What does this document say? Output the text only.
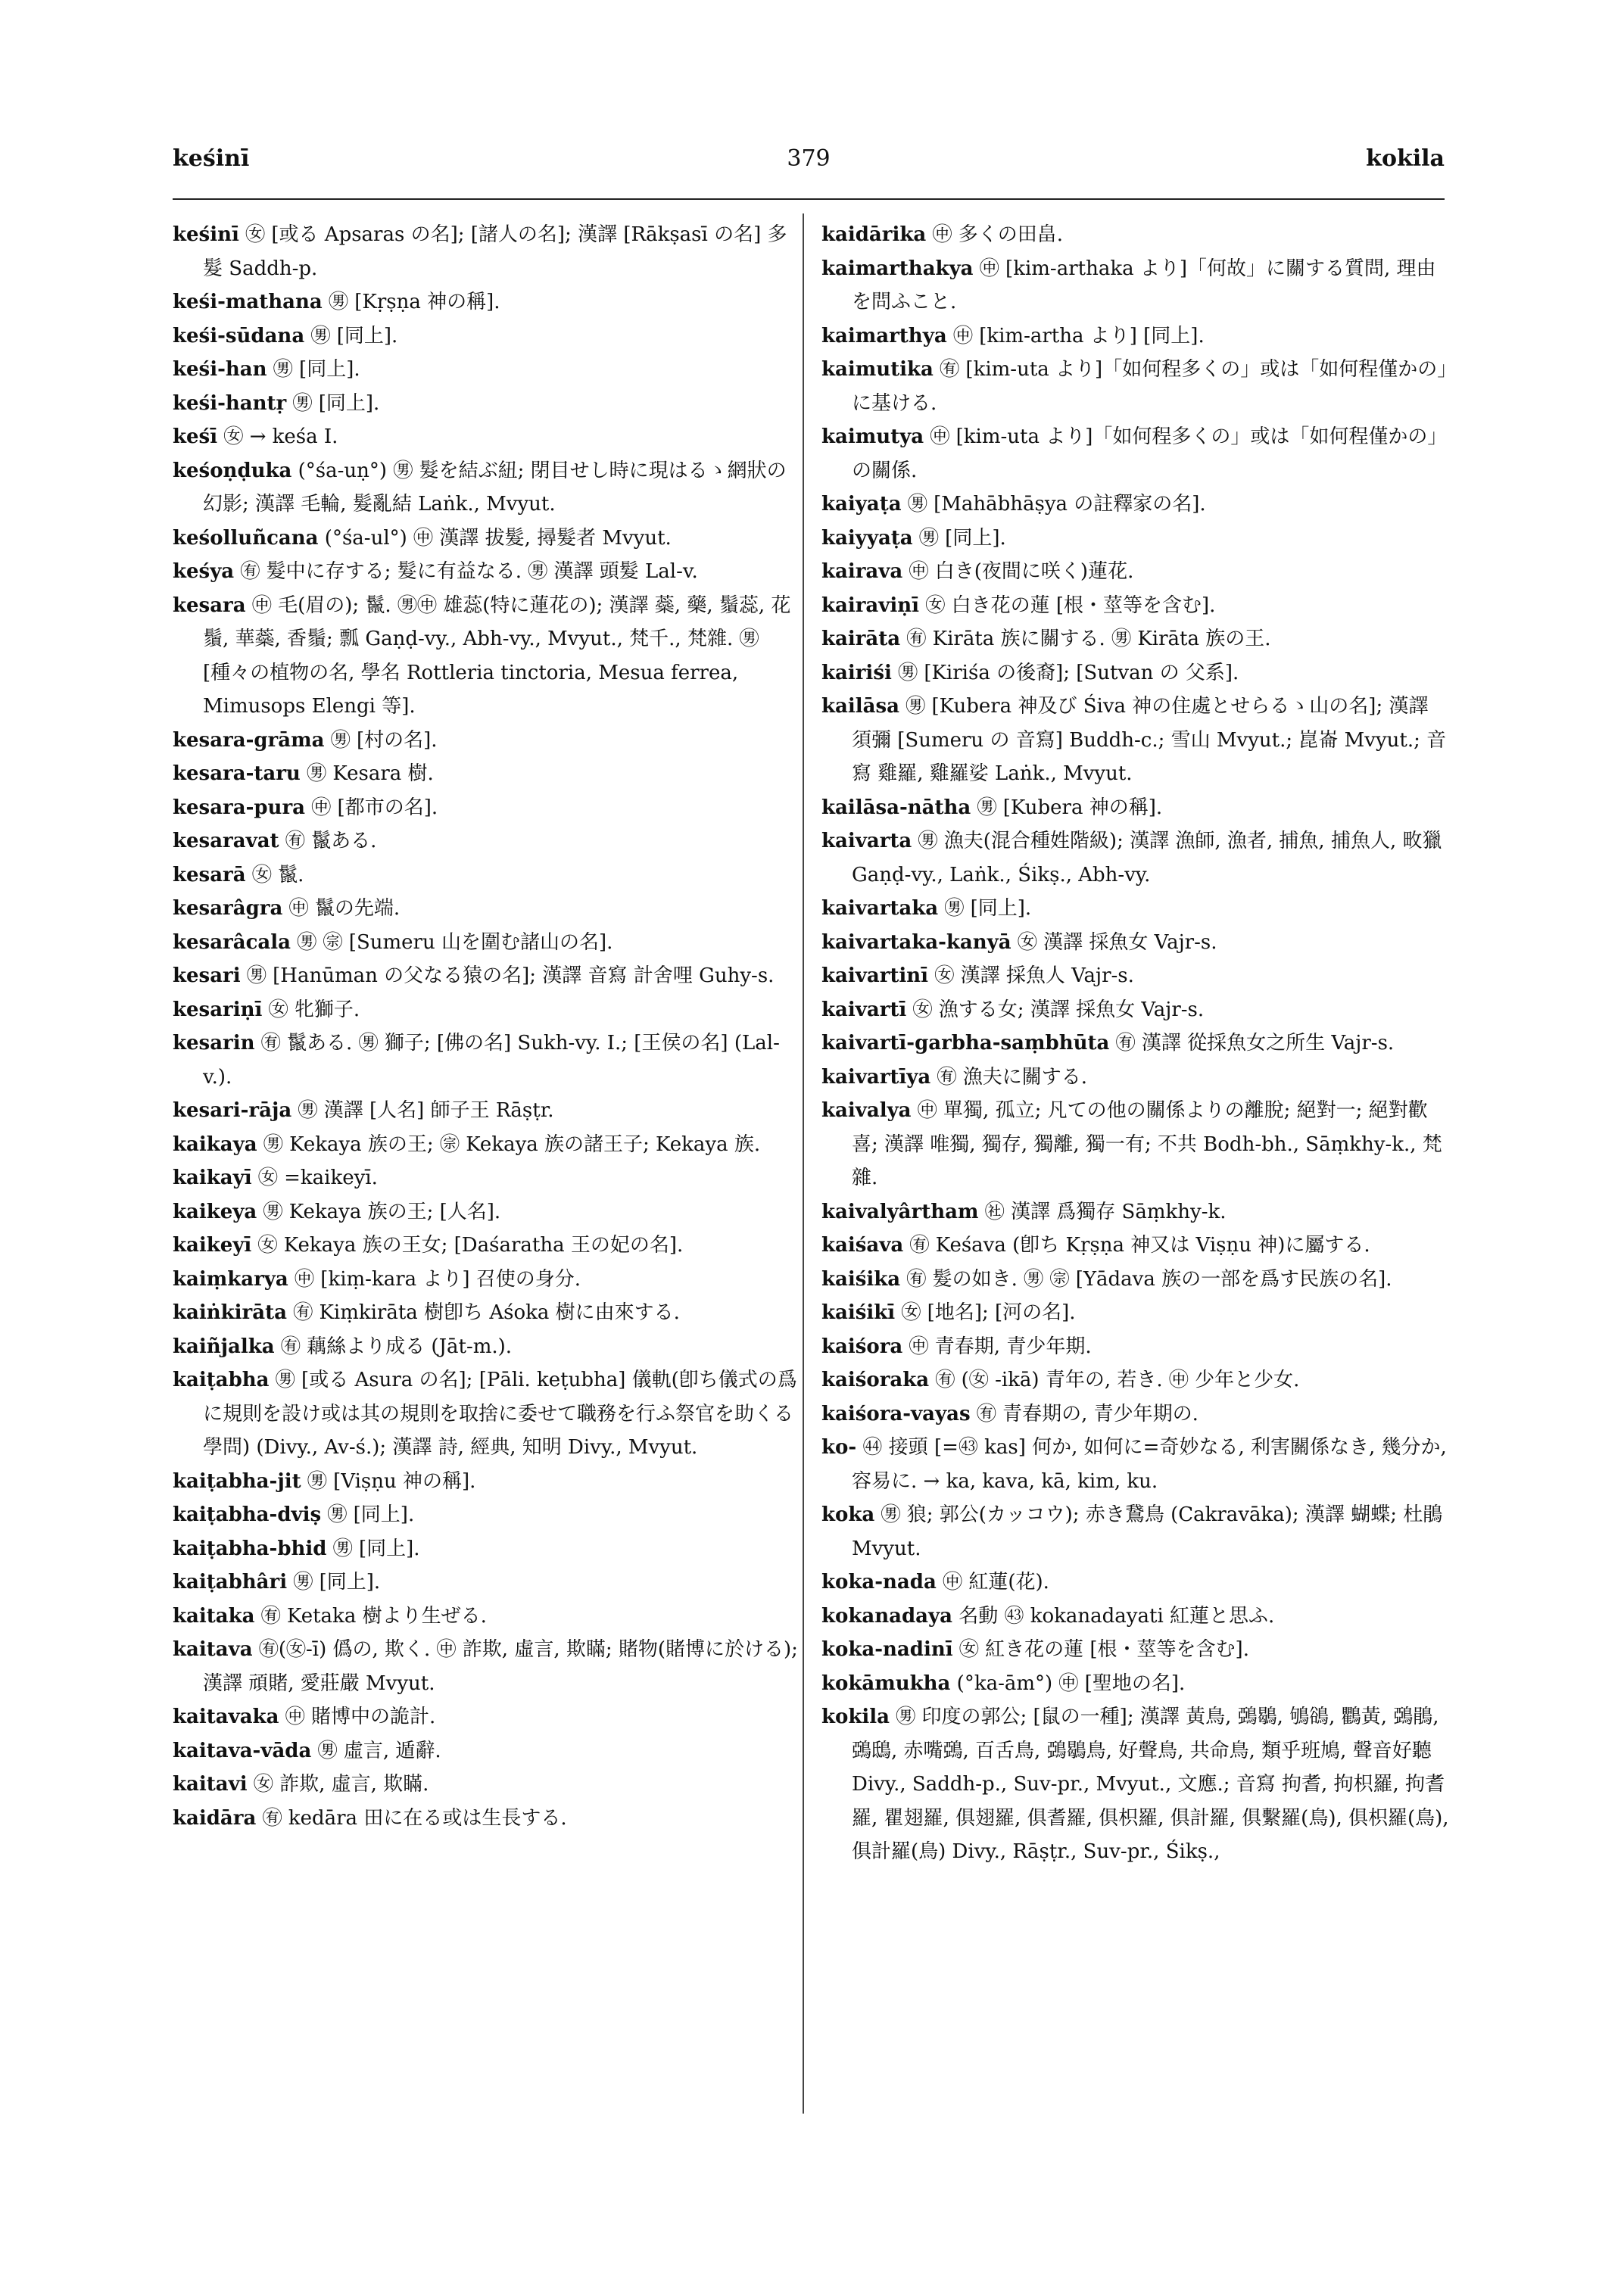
keśinī	379	kokila

keśinī ㊛ [或る Apsaras の名]; [諸人の名]; 漢譯 [Rākṣasī の名] 多髮 Saddh-p.

keśi-mathana ㊚ [Kṛṣṇa 神の稱].

keśi-sūdana ㊚ [同上].

keśi-han ㊚ [同上].

keśi-hantṛ ㊚ [同上].

keśī ㊛ → keśa I.

keśoṇḍuka (°śa-uṇ°) ㊚ 髮を結ぶ紐; 閉目せし時に現はるゝ網狀の幻影; 漢譯 毛輪, 髮亂結 Laṅk., Mvyut.

keśolluñcana (°śa-ul°) ㊥ 漢譯 拔髮, 撏髮者 Mvyut.

keśya ㊒ 髮中に存する; 髮に有益なる. ㊚ 漢譯 頭髮 Lal-v.

kesara ㊥ 毛(眉の); 鬣. ㊚㊥ 雄蕊(特に蓮花の); 漢譯 蘂, 藥, 鬚蕊, 花鬚, 華蘂, 香鬚; 瓢 Gaṇḍ-vy., Abh-vy., Mvyut., 梵千., 梵雜. ㊚ [種々の植物の名, 學名 Rottleria tinctoria, Mesua ferrea, Mimusops Elengi 等].

kesara-grāma ㊚ [村の名].

kesara-taru ㊚ Kesara 樹.

kesara-pura ㊥ [都市の名].

kesaravat ㊒ 鬣ある.

kesarā ㊛ 鬣.

kesarâgra ㊥ 鬣の先端.

kesarâcala ㊚ ㊪ [Sumeru 山を圍む諸山の名].

kesari ㊚ [Hanūman の父なる猿の名]; 漢譯 音寫 計舍哩 Guhy-s.

kesariṇī ㊛ 牝獅子.

kesarin ㊒ 鬣ある. ㊚ 獅子; [佛の名] Sukh-vy. I.; [王侯の名] (Lal-v.).

kesari-rāja ㊚ 漢譯 [人名] 師子王 Rāṣṭr.

kaikaya ㊚ Kekaya 族の王; ㊪ Kekaya 族の諸王子; Kekaya 族.

kaikayī ㊛ =kaikeyī.

kaikeya ㊚ Kekaya 族の王; [人名].

kaikeyī ㊛ Kekaya 族の王女; [Daśaratha 王の妃の名].

kaiṃkarya ㊥ [kiṃ-kara より] 召使の身分.

kaiṅkirāta ㊒ Kiṃkirāta 樹卽ち Aśoka 樹に由來する.

kaiñjalka ㊒ 藕絲より成る (Jāt-m.).

kaiṭabha ㊚ [或る Asura の名]; [Pāli. keṭubha] 儀軌(卽ち儀式の爲に規則を設け或は其の規則を取捨に委せて職務を行ふ祭官を助くる學問) (Divy., Av-ś.); 漢譯 詩, 經典, 知明 Divy., Mvyut.

kaiṭabha-jit ㊚ [Viṣṇu 神の稱].

kaiṭabha-dviṣ ㊚ [同上].

kaiṭabha-bhid ㊚ [同上].

kaiṭabhâri ㊚ [同上].

kaitaka ㊒ Ketaka 樹より生ぜる.

kaitava ㊒(㊛-ī) 僞の, 欺く. ㊥ 詐欺, 虛言, 欺瞞; 賭物(賭博に於ける); 漢譯 頑賭, 愛莊嚴 Mvyut.

kaitavaka ㊥ 賭博中の詭計.

kaitava-vāda ㊚ 虛言, 遁辭.

kaitavi ㊛ 詐欺, 虛言, 欺瞞.

kaidāra ㊒ kedāra 田に在る或は生長する.

kaidārika ㊥ 多くの田畠.

kaimarthakya ㊥ [kim-arthaka より]「何故」に關する質問, 理由を問ふこと.

kaimarthya ㊥ [kim-artha より] [同上].

kaimutika ㊒ [kim-uta より]「如何程多くの」或は「如何程僅かの」に基ける.

kaimutya ㊥ [kim-uta より]「如何程多くの」或は「如何程僅かの」の關係.

kaiyaṭa ㊚ [Mahābhāṣya の註釋家の名].

kaiyyaṭa ㊚ [同上].

kairava ㊥ 白き(夜間に咲く)蓮花.

kairaviṇī ㊛ 白き花の蓮 [根・莖等を含む].

kairāta ㊒ Kirāta 族に關する. ㊚ Kirāta 族の王.

kairiśi ㊚ [Kiriśa の後裔]; [Sutvan の 父系].

kailāsa ㊚ [Kubera 神及び Śiva 神の住處とせらるゝ山の名]; 漢譯 須彌 [Sumeru の 音寫] Buddh-c.; 雪山 Mvyut.; 崑崙 Mvyut.; 音寫 雞羅, 雞羅娑 Laṅk., Mvyut.

kailāsa-nātha ㊚ [Kubera 神の稱].

kaivarta ㊚ 漁夫(混合種姓階級); 漢譯 漁師, 漁者, 捕魚, 捕魚人, 畋獵 Gaṇḍ-vy., Laṅk., Śikṣ., Abh-vy.

kaivartaka ㊚ [同上].

kaivartaka-kanyā ㊛ 漢譯 採魚女 Vajr-s.

kaivartinī ㊛ 漢譯 採魚人 Vajr-s.

kaivartī ㊛ 漁する女; 漢譯 採魚女 Vajr-s.

kaivartī-garbha-saṃbhūta ㊒ 漢譯 從採魚女之所生 Vajr-s.

kaivartīya ㊒ 漁夫に關する.

kaivalya ㊥ 單獨, 孤立; 凡ての他の關係よりの離脫; 絕對一; 絕對歡喜; 漢譯 唯獨, 獨存, 獨離, 獨一有; 不共 Bodh-bh., Sāṃkhy-k., 梵雜.

kaivalyârtham ㊓ 漢譯 爲獨存 Sāṃkhy-k.

kaiśava ㊒ Keśava (卽ち Kṛṣṇa 神又は Viṣṇu 神)に屬する.

kaiśika ㊒ 髮の如き. ㊚ ㊪ [Yādava 族の一部を爲す民族の名].

kaiśikī ㊛ [地名]; [河の名].

kaiśora ㊥ 青春期, 青少年期.

kaiśoraka ㊒ (㊛ -ikā) 青年の, 若き. ㊥ 少年と少女.

kaiśora-vayas ㊒ 青春期の, 青少年期の.

ko- ㊹ 接頭 [=㊸ kas] 何か, 如何に=奇妙なる, 利害關係なき, 幾分か, 容易に. → ka, kava, kā, kim, ku.

koka ㊚ 狼; 郭公(カッコウ); 赤き鵞鳥 (Cakravāka); 漢譯 蝴蝶; 杜鵑 Mvyut.

koka-nada ㊥ 紅蓮(花).

kokanadaya 名動 ㊸ kokanadayati 紅蓮と思ふ.

koka-nadinī ㊛ 紅き花の蓮 [根・莖等を含む].

kokāmukha (°ka-ām°) ㊥ [聖地の名].

kokila ㊚ 印度の郭公; [鼠の一種]; 漢譯 黃鳥, 鵶鶡, 鴝鵒, 鸜黃, 鵶鵑, 鵶鴟, 赤嘴鵶, 百舌鳥, 鵶鶡鳥, 好聲鳥, 共命鳥, 類乎班鳩, 聲音好聽 Divy., Saddh-p., Suv-pr., Mvyut., 文應.; 音寫 拘耆, 拘枳羅, 拘耆羅, 瞿翅羅, 俱翅羅, 俱耆羅, 俱枳羅, 俱計羅, 俱繫羅(鳥), 俱枳羅(鳥), 俱計羅(鳥) Divy., Rāṣṭr., Suv-pr., Śikṣ.,
